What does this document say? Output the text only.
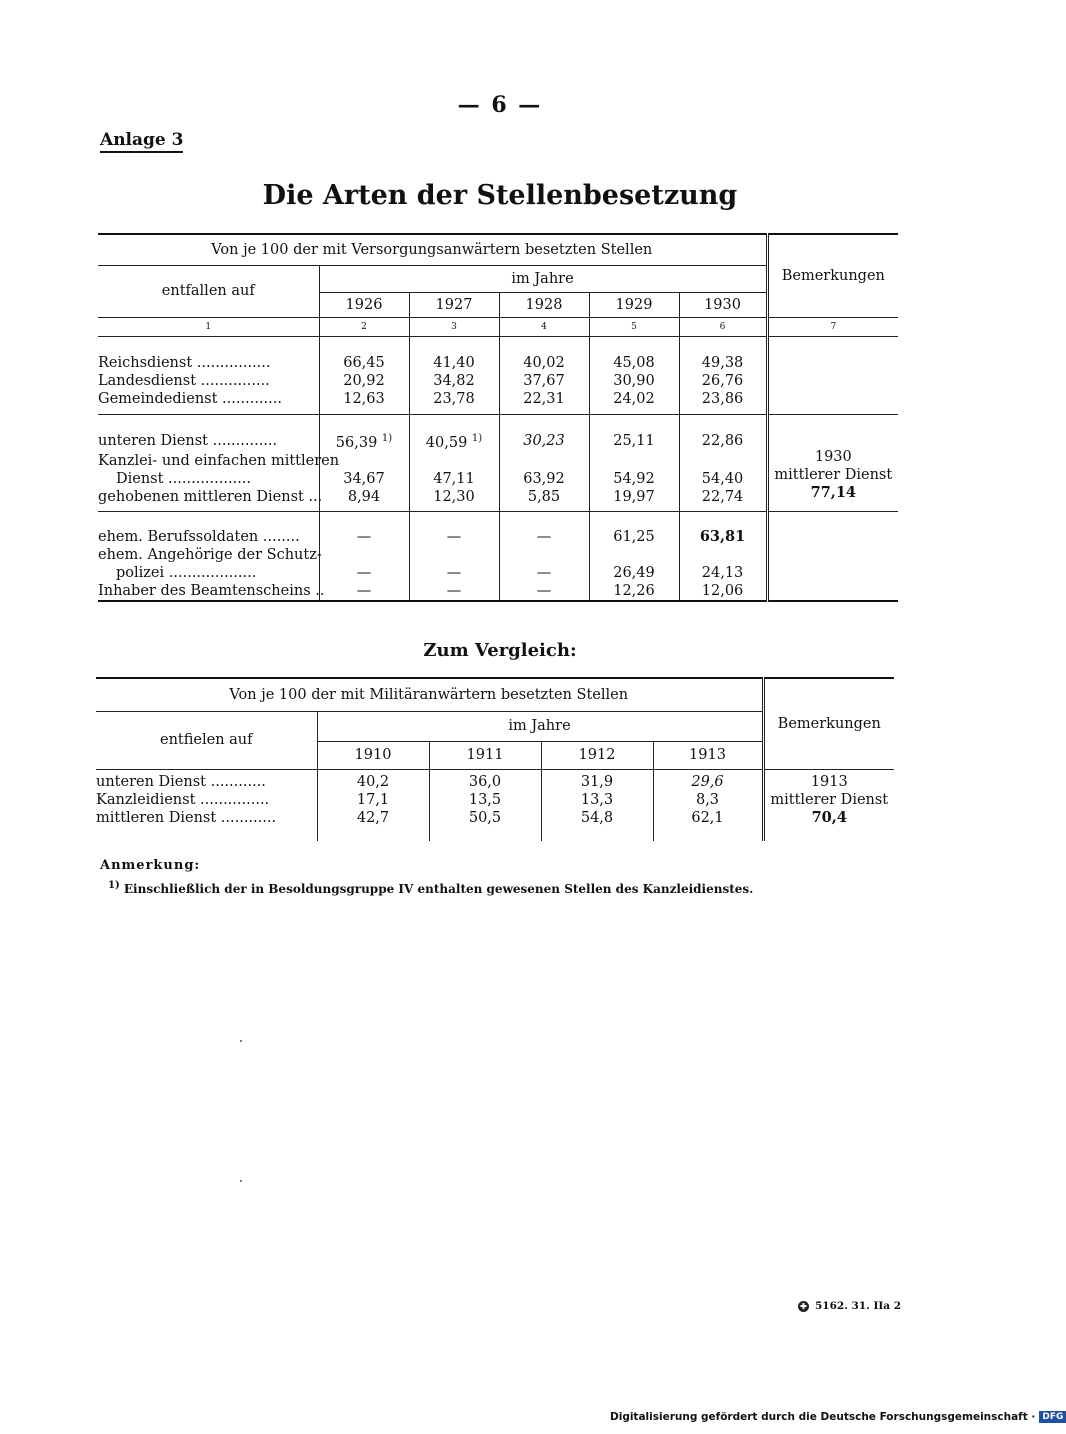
— 6 —
Anlage 3
Die Arten der Stellenbesetzung
Von je 100 der mit Versorgungsanwärtern besetzten Stellen						Bemerkungen
entfallen auf	im Jahre					
	1926	1927	1928	1929	1930	
1	2	3	4	5	6	7

Reichsdienst ................	66,45	41,40	40,02	45,08	49,38	
Landesdienst ...............	20,92	34,82	37,67	30,90	26,76	
Gemeindedienst .............	12,63	23,78	22,31	24,02	23,86	

unteren Dienst ..............	56,39 $^{1)}$	40,59 $^{1)}$	30,23	25,11	22,86	1930
mittlerer Dienst
77,14

Kanzlei- und einfachen mittleren						
Dienst ..................	34,67	47,11	63,92	54,92	54,40	
gehobenen mittleren Dienst ...	8,94	12,30	5,85	19,97	22,74	

ehem. Berufssoldaten ........	—	—	—	61,25	63,81	
ehem. Angehörige der Schutz-						
polizei ...................	—	—	—	26,49	24,13	
Inhaber des Beamtenscheins ..	—	—	—	12,26	12,06	
Zum Vergleich:
Von je 100 der mit Militäranwärtern besetzten Stellen					Bemerkungen
entfielen auf	im Jahre				
	1910	1911	1912	1913	

unteren Dienst ............	40,2	36,0	31,9	29,6	1913
mittlerer Dienst
70,4

Kanzleidienst ...............	17,1	13,5	13,3	8,3	
mittleren Dienst ............	42,7	50,5	54,8	62,1	

Anmerkung:
$^{1)}$ Einschließlich der in Besoldungsgruppe IV enthalten gewesenen Stellen des Kanzleidienstes.
✚ 5162. 31. IIa 2
Digitalisierung gefördert durch die Deutsche Forschungsgemeinschaft · DFG
